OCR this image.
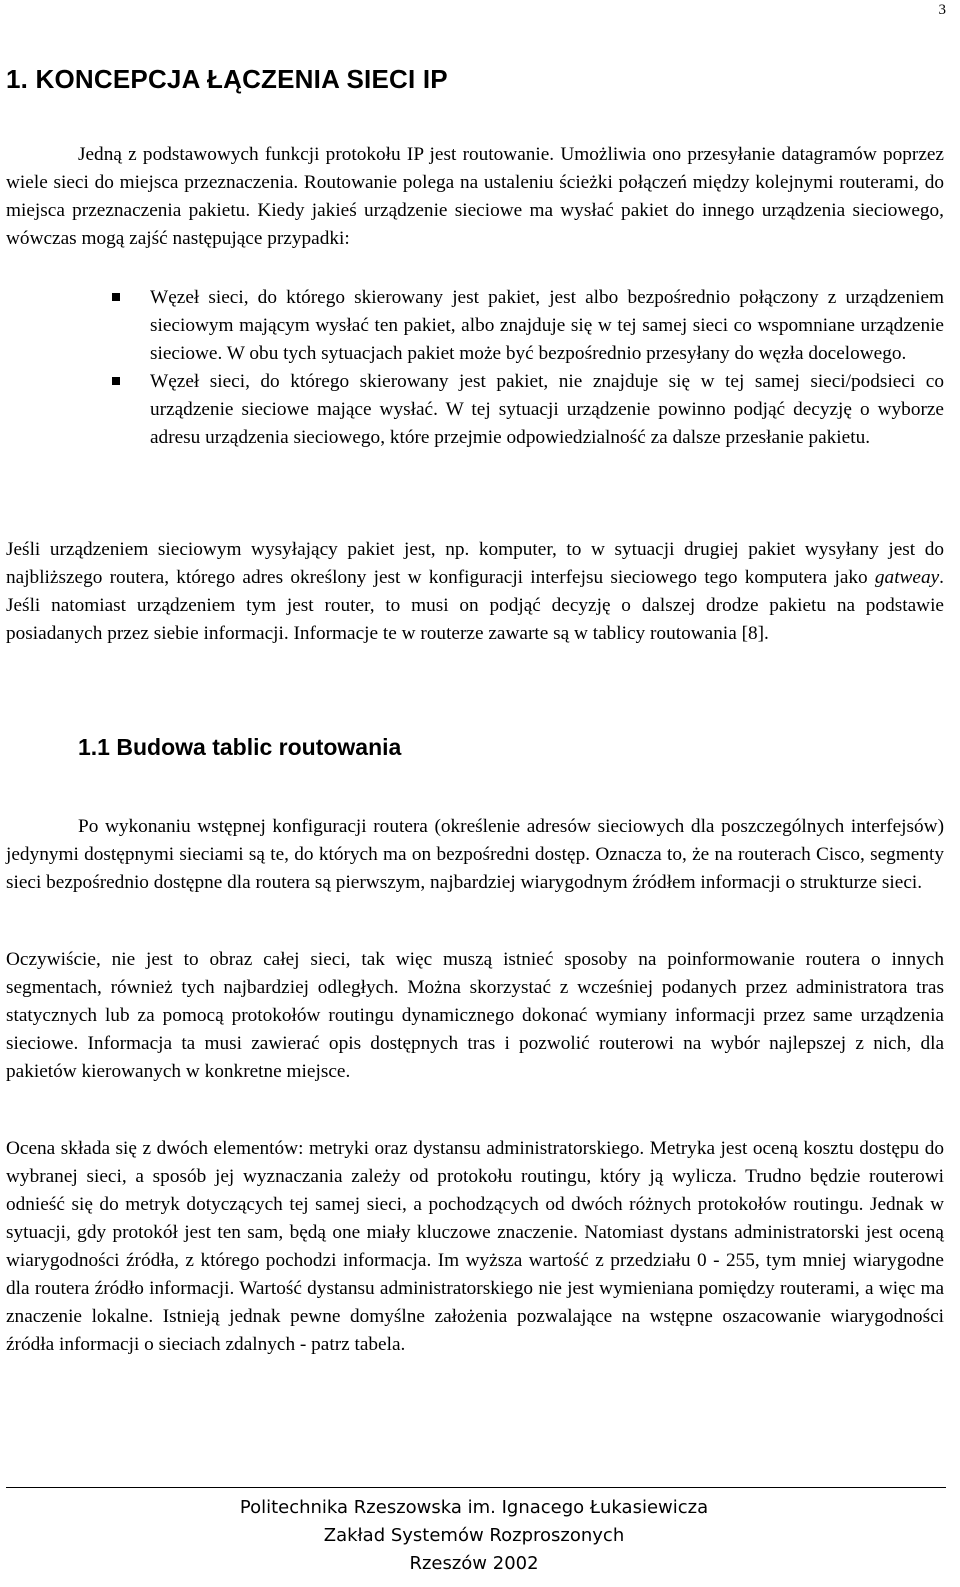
3
1. KONCEPCJA ŁĄCZENIA SIECI IP

Jedną z podstawowych funkcji protokołu IP jest routowanie. Umożliwia ono przesyłanie datagramów poprzez wiele sieci do miejsca przeznaczenia. Routowanie polega na ustaleniu ścieżki połączeń między kolejnymi routerami, do miejsca przeznaczenia pakietu. Kiedy jakieś urządzenie sieciowe ma wysłać pakiet do innego urządzenia sieciowego, wówczas mogą zajść następujące przypadki:

Węzeł sieci, do którego skierowany jest pakiet, jest albo bezpośrednio połączony z urządzeniem sieciowym mającym wysłać ten pakiet, albo znajduje się w tej samej sieci co wspomniane urządzenie sieciowe. W obu tych sytuacjach pakiet może być bezpośrednio przesyłany do węzła docelowego.
Węzeł sieci, do którego skierowany jest pakiet, nie znajduje się w tej samej sieci/podsieci co urządzenie sieciowe mające wysłać. W tej sytuacji urządzenie powinno podjąć decyzję o wyborze adresu urządzenia sieciowego, które przejmie odpowiedzialność za dalsze przesłanie pakietu.

Jeśli urządzeniem sieciowym wysyłający pakiet jest, np. komputer, to w sytuacji drugiej pakiet wysyłany jest do najbliższego routera, którego adres określony jest w konfiguracji interfejsu sieciowego tego komputera jako gatweay. Jeśli natomiast urządzeniem tym jest router, to musi on podjąć decyzję o dalszej drodze pakietu na podstawie posiadanych przez siebie informacji. Informacje te w routerze zawarte są w tablicy routowania [8].

1.1 Budowa tablic routowania

Po wykonaniu wstępnej konfiguracji routera (określenie adresów sieciowych dla poszczególnych interfejsów) jedynymi dostępnymi sieciami są te, do których ma on bezpośredni dostęp. Oznacza to, że na routerach Cisco, segmenty sieci bezpośrednio dostępne dla routera są pierwszym, najbardziej wiarygodnym źródłem informacji o strukturze sieci.

Oczywiście, nie jest to obraz całej sieci, tak więc muszą istnieć sposoby na poinformowanie routera o innych segmentach, również tych najbardziej odległych. Można skorzystać z wcześniej podanych przez administratora tras statycznych lub za pomocą protokołów routingu dynamicznego dokonać wymiany informacji przez same urządzenia sieciowe. Informacja ta musi zawierać opis dostępnych tras i pozwolić routerowi na wybór najlepszej z nich, dla pakietów kierowanych w konkretne miejsce.

Ocena składa się z dwóch elementów: metryki oraz dystansu administratorskiego. Metryka jest oceną kosztu dostępu do wybranej sieci, a sposób jej wyznaczania zależy od protokołu routingu, który ją wylicza. Trudno będzie routerowi odnieść się do metryk dotyczących tej samej sieci, a pochodzących od dwóch różnych protokołów routingu. Jednak w sytuacji, gdy protokół jest ten sam, będą one miały kluczowe znaczenie. Natomiast dystans administratorski jest oceną wiarygodności źródła, z którego pochodzi informacja. Im wyższa wartość z przedziału 0 - 255, tym mniej wiarygodne dla routera źródło informacji. Wartość dystansu administratorskiego nie jest wymieniana pomiędzy routerami, a więc ma znaczenie lokalne. Istnieją jednak pewne domyślne założenia pozwalające na wstępne oszacowanie wiarygodności źródła informacji o sieciach zdalnych - patrz tabela.

Politechnika Rzeszowska im. Ignacego Łukasiewicza
Zakład Systemów Rozproszonych
Rzeszów 2002
